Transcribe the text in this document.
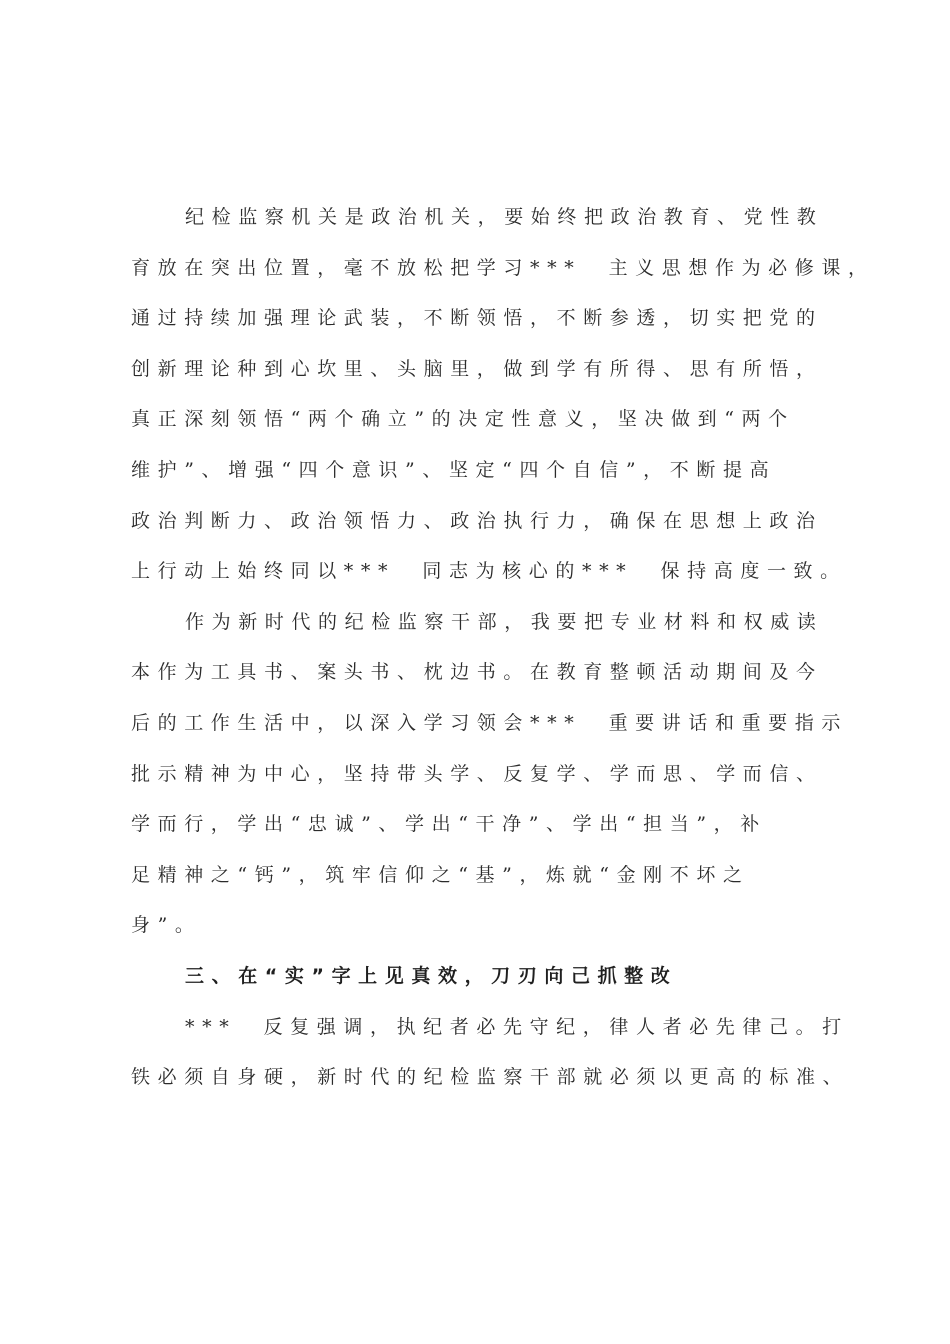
纪检监察机关是政治机关，要始终把政治教育、党性教
育放在突出位置，毫不放松把学习***  主义思想作为必修课，
通过持续加强理论武装，不断领悟，不断参透，切实把党的
创新理论种到心坎里、头脑里，做到学有所得、思有所悟，
真正深刻领悟“两个确立”的决定性意义，坚决做到“两个
维护”、增强“四个意识”、坚定“四个自信”，不断提高
政治判断力、政治领悟力、政治执行力，确保在思想上政治
上行动上始终同以***  同志为核心的***  保持高度一致。
作为新时代的纪检监察干部，我要把专业材料和权威读
本作为工具书、案头书、枕边书。在教育整顿活动期间及今
后的工作生活中，以深入学习领会***  重要讲话和重要指示
批示精神为中心，坚持带头学、反复学、学而思、学而信、
学而行，学出“忠诚”、学出“干净”、学出“担当”，补
足精神之“钙”，筑牢信仰之“基”，炼就“金刚不坏之
身”。
三、在“实”字上见真效，刀刃向己抓整改
***  反复强调，执纪者必先守纪，律人者必先律己。打
铁必须自身硬，新时代的纪检监察干部就必须以更高的标准、
